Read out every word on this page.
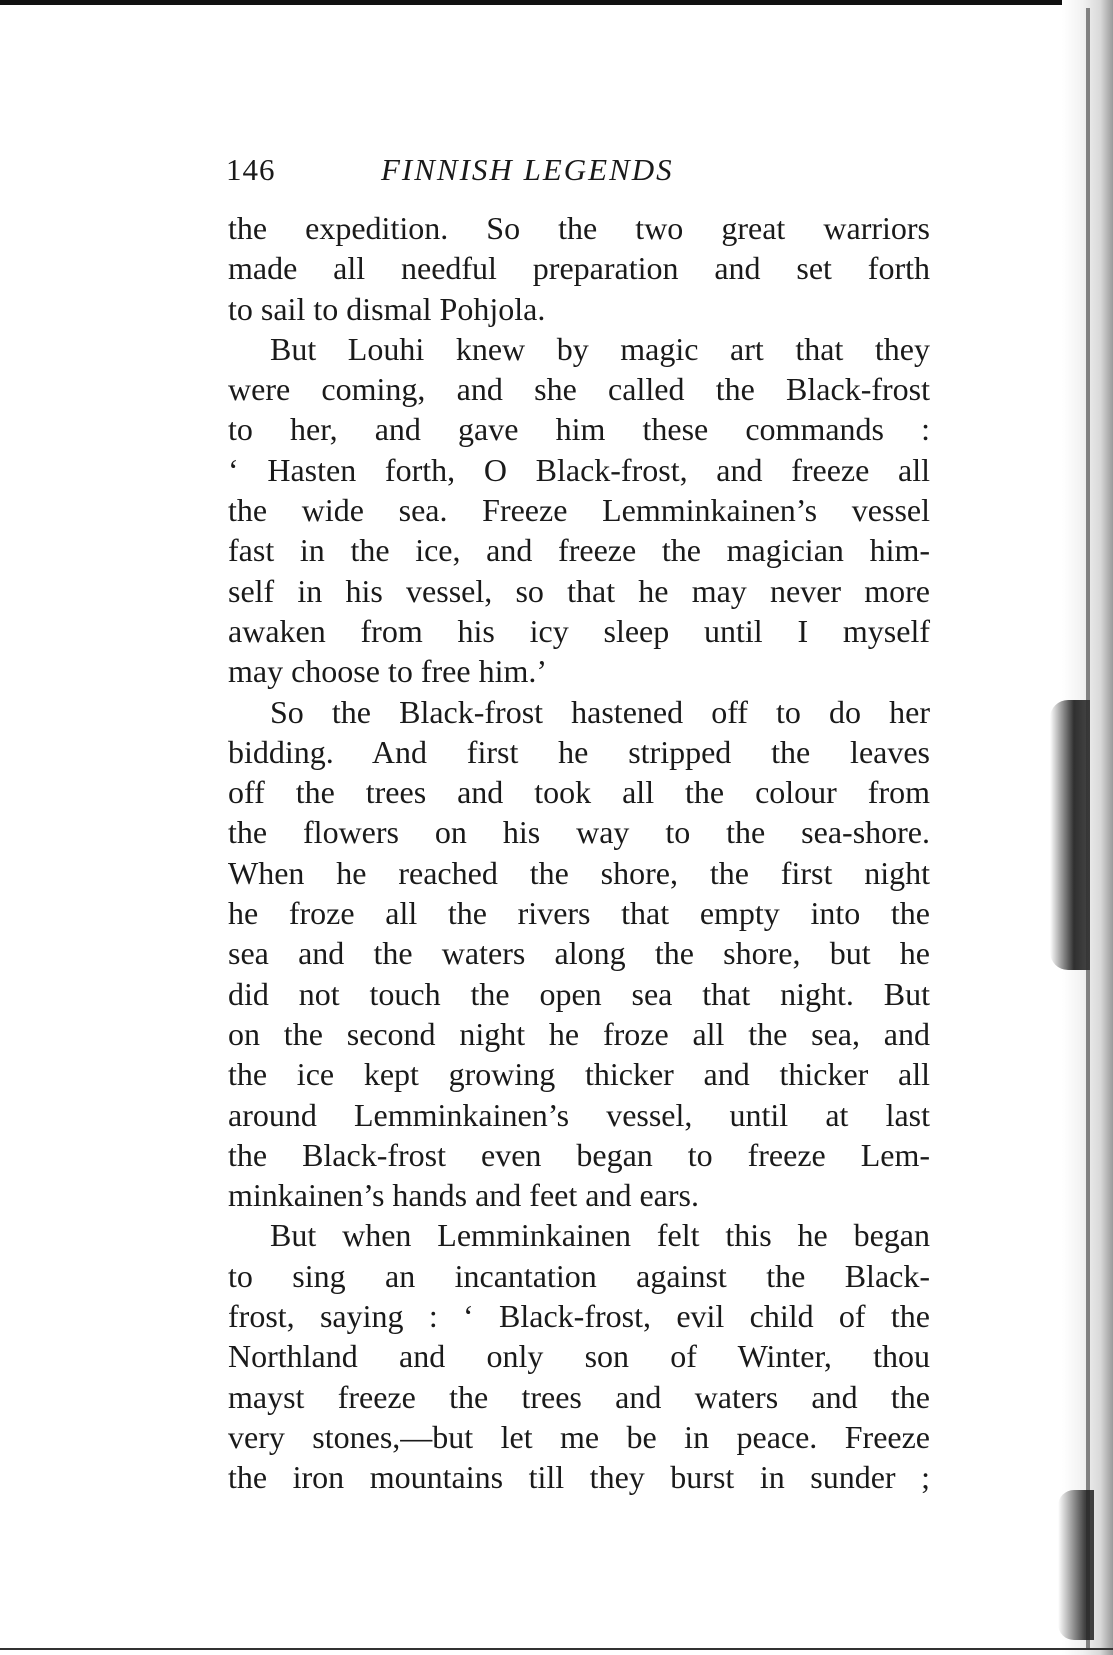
146	FINNISH LEGENDS
the expedition. So the two great warriors
made all needful preparation and set forth
to sail to dismal Pohjola.
But Louhi knew by magic art that they
were coming, and she called the Black-frost
to her, and gave him these commands :
‘ Hasten forth, O Black-frost, and freeze all
the wide sea. Freeze Lemminkainen’s vessel
fast in the ice, and freeze the magician him-
self in his vessel, so that he may never more
awaken from his icy sleep until I myself
may choose to free him.’
So the Black-frost hastened off to do her
bidding. And first he stripped the leaves
off the trees and took all the colour from
the flowers on his way to the sea-shore.
When he reached the shore, the first night
he froze all the rivers that empty into the
sea and the waters along the shore, but he
did not touch the open sea that night. But
on the second night he froze all the sea, and
the ice kept growing thicker and thicker all
around Lemminkainen’s vessel, until at last
the Black-frost even began to freeze Lem-
minkainen’s hands and feet and ears.
But when Lemminkainen felt this he began
to sing an incantation against the Black-
frost, saying : ‘ Black-frost, evil child of the
Northland and only son of Winter, thou
mayst freeze the trees and waters and the
very stones,—but let me be in peace. Freeze
the iron mountains till they burst in sunder ;
